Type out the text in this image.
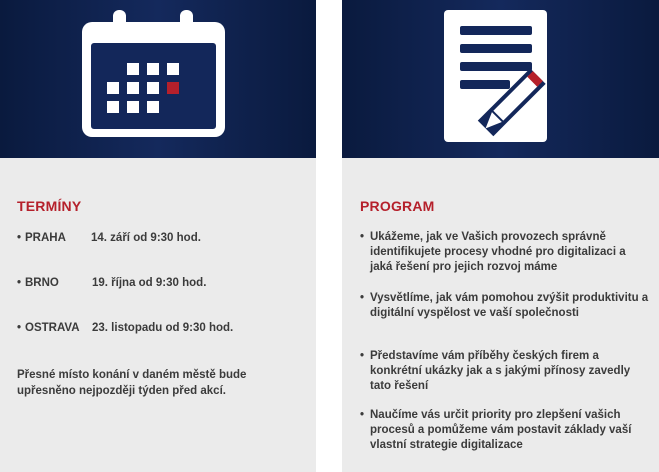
TERMÍNY
• PRAHA 14. září od 9:30 hod.
• BRNO	19. října od 9:30 hod.
• OSTRAVA 23. listopadu od 9:30 hod.
Přesné místo konání v daném městě bude upřesněno nejpozději týden před akcí.
PROGRAM
• Ukážeme, jak ve Vašich provozech správně identifikujete procesy vhodné pro digitalizaci a jaká řešení pro jejich rozvoj máme
• Vysvětlíme, jak vám pomohou zvýšit produktivitu a digitální vyspělost ve vaší společnosti
• Představíme vám příběhy českých firem a konkrétní ukázky jak a s jakými přínosy zavedly tato řešení
• Naučíme vás určit priority pro zlepšení vašich procesů a pomůžeme vám postavit základy vaší vlastní strategie digitalizace
